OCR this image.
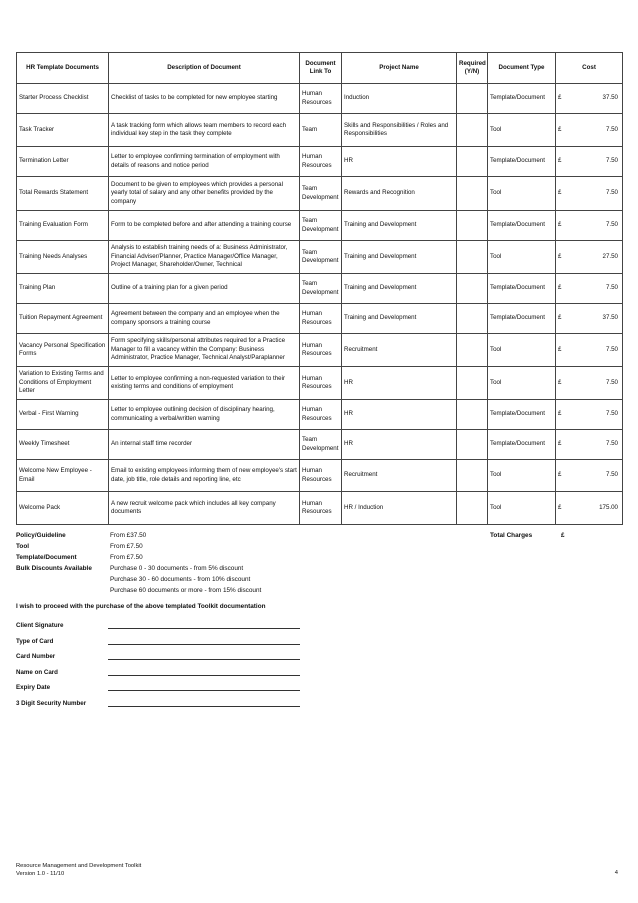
HR Template Documents	Description of Document	Document Link To	Project Name	Required (Y/N)	Document Type	Cost	
Starter Process Checklist	Checklist of tasks to be completed for new employee starting	Human Resources	Induction		Template/Document	£	37.50
Task Tracker	A task tracking form which allows team members to record each individual key step in the task they complete	Team	Skills and Responsibilities / Roles and Responsibilities		Tool	£	7.50
Termination Letter	Letter to employee confirming termination of employment with details of reasons and notice period	Human Resources	HR		Template/Document	£	7.50
Total Rewards Statement	Document to be given to employees which provides a personal yearly total of salary and any other benefits provided by the company	Team Development	Rewards and Recognition		Tool	£	7.50
Training Evaluation Form	Form to be completed before and after attending a training course	Team Development	Training and Development		Template/Document	£	7.50
Training Needs Analyses	Analysis to establish training needs of a: Business Administrator, Financial Adviser/Planner, Practice Manager/Office Manager, Project Manager, Shareholder/Owner, Technical	Team Development	Training and Development		Tool	£	27.50
Training Plan	Outline of a training plan for a given period	Team Development	Training and Development		Template/Document	£	7.50
Tuition Repayment Agreement	Agreement between the company and an employee when the company sponsors a training course	Human Resources	Training and Development		Template/Document	£	37.50
Vacancy Personal Specification Forms	Form specifying skills/personal attributes required for a Practice Manager to fill a vacancy within the Company: Business Administrator, Practice Manager, Technical Analyst/Paraplanner	Human Resources	Recruitment		Tool	£	7.50
Variation to Existing Terms and Conditions of Employment Letter	Letter to employee confirming a non-requested variation to their existing terms and conditions of employment	Human Resources	HR		Tool	£	7.50
Verbal - First Warning	Letter to employee outlining decision of disciplinary hearing, communicating a verbal/written warning	Human Resources	HR		Template/Document	£	7.50
Weekly Timesheet	An internal staff time recorder	Team Development	HR		Template/Document	£	7.50
Welcome New Employee - Email	Email to existing employees informing them of new employee's start date, job title, role details and reporting line, etc	Human Resources	Recruitment		Tool	£	7.50
Welcome Pack	A new recruit welcome pack which includes all key company documents	Human Resources	HR / Induction		Tool	£	175.00
Policy/Guideline	From £37.50	Total Charges	£
Tool	From £7.50
Template/Document	From £7.50
Bulk Discounts Available	Purchase 0 - 30 documents - from 5% discount
Purchase 30 - 60 documents - from 10% discount
Purchase 60 documents or more - from 15% discount
I wish to proceed with the purchase of the above templated Toolkit documentation
Client Signature
Type of Card
Card Number
Name on Card
Expiry Date
3 Digit Security Number
Resource Management and Development Toolkit
Version 1.0 - 11/10	4
